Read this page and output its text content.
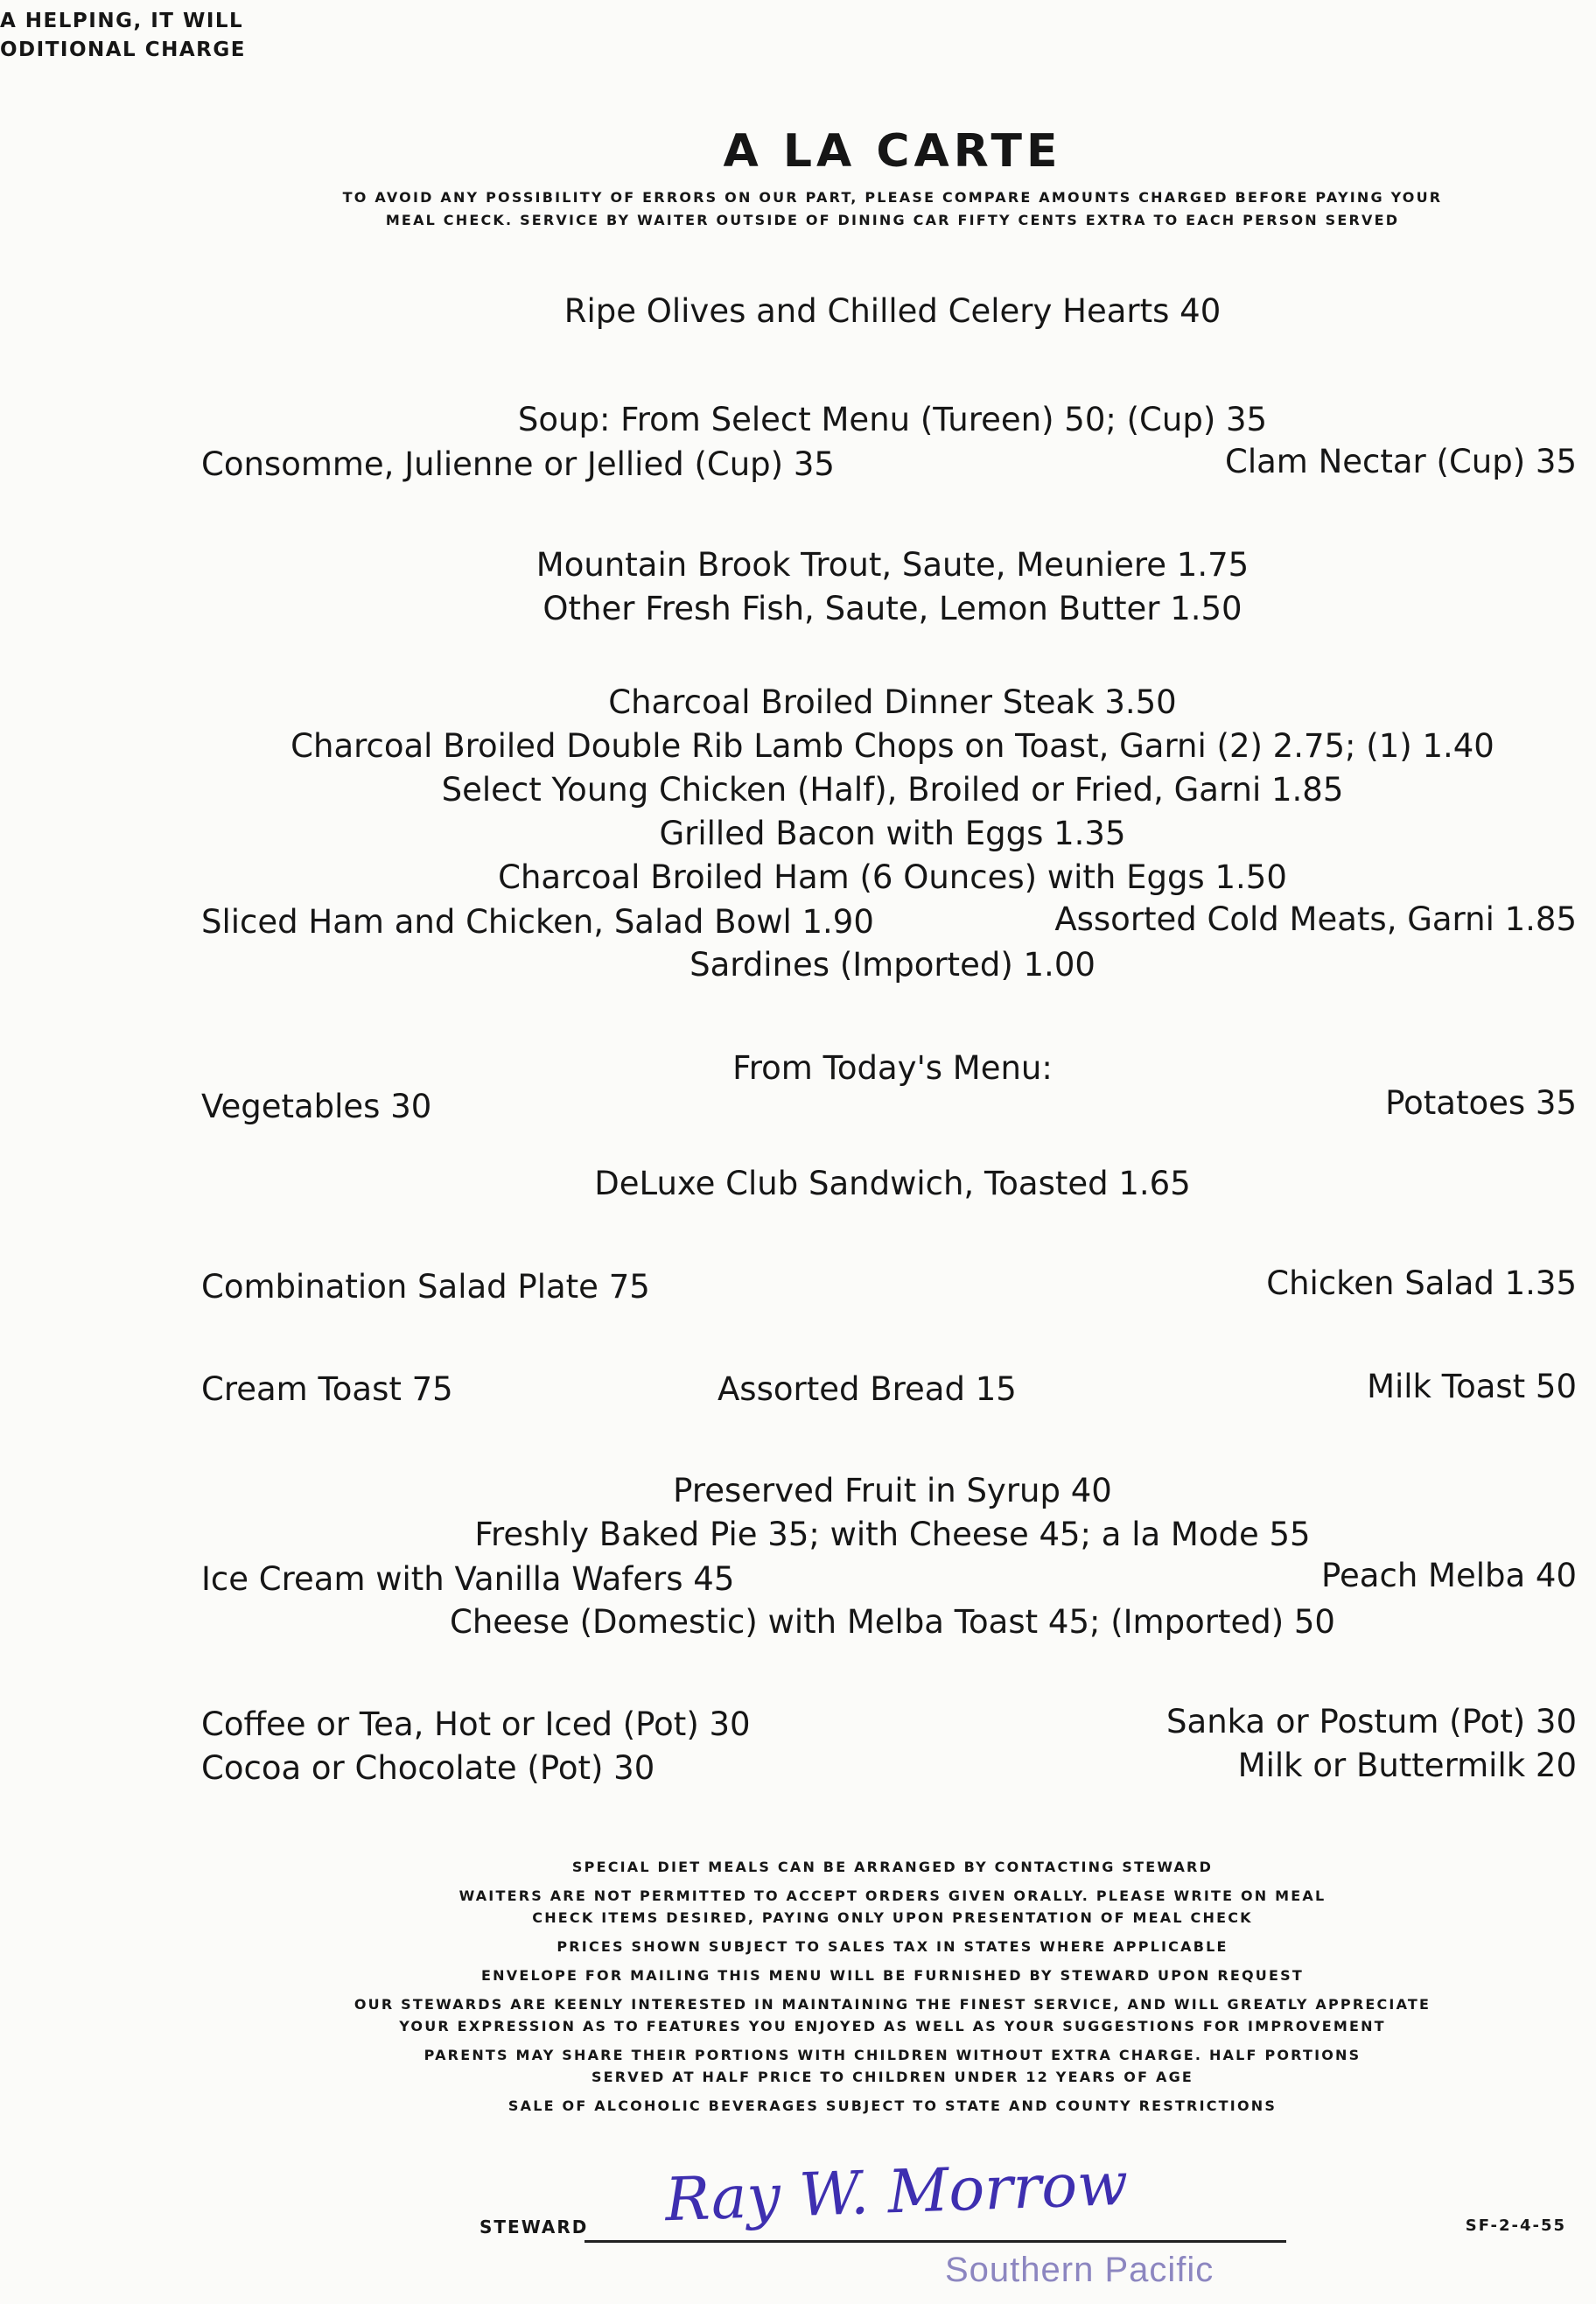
A HELPING, IT WILL
ODITIONAL CHARGE
A LA CARTE
TO AVOID ANY POSSIBILITY OF ERRORS ON OUR PART, PLEASE COMPARE AMOUNTS CHARGED BEFORE PAYING YOUR
MEAL CHECK. SERVICE BY WAITER OUTSIDE OF DINING CAR FIFTY CENTS EXTRA TO EACH PERSON SERVED
Ripe Olives and Chilled Celery Hearts 40
Soup: From Select Menu (Tureen) 50; (Cup) 35
Consomme, Julienne or Jellied (Cup) 35	Clam Nectar (Cup) 35
Mountain Brook Trout, Saute, Meuniere 1.75
Other Fresh Fish, Saute, Lemon Butter 1.50
Charcoal Broiled Dinner Steak 3.50
Charcoal Broiled Double Rib Lamb Chops on Toast, Garni (2) 2.75; (1) 1.40
Select Young Chicken (Half), Broiled or Fried, Garni 1.85
Grilled Bacon with Eggs 1.35
Charcoal Broiled Ham (6 Ounces) with Eggs 1.50
Sliced Ham and Chicken, Salad Bowl 1.90	Assorted Cold Meats, Garni 1.85
Sardines (Imported) 1.00
From Today's Menu:
Vegetables 30	Potatoes 35
DeLuxe Club Sandwich, Toasted 1.65
Combination Salad Plate 75	Chicken Salad 1.35
Cream Toast 75	Assorted Bread 15	Milk Toast 50
Preserved Fruit in Syrup 40
Freshly Baked Pie 35; with Cheese 45; a la Mode 55
Ice Cream with Vanilla Wafers 45	Peach Melba 40
Cheese (Domestic) with Melba Toast 45; (Imported) 50
Coffee or Tea, Hot or Iced (Pot) 30	Sanka or Postum (Pot) 30
Cocoa or Chocolate (Pot) 30	Milk or Buttermilk 20
SPECIAL DIET MEALS CAN BE ARRANGED BY CONTACTING STEWARD
WAITERS ARE NOT PERMITTED TO ACCEPT ORDERS GIVEN ORALLY. PLEASE WRITE ON MEAL
CHECK ITEMS DESIRED, PAYING ONLY UPON PRESENTATION OF MEAL CHECK
PRICES SHOWN SUBJECT TO SALES TAX IN STATES WHERE APPLICABLE
ENVELOPE FOR MAILING THIS MENU WILL BE FURNISHED BY STEWARD UPON REQUEST
OUR STEWARDS ARE KEENLY INTERESTED IN MAINTAINING THE FINEST SERVICE, AND WILL GREATLY APPRECIATE
YOUR EXPRESSION AS TO FEATURES YOU ENJOYED AS WELL AS YOUR SUGGESTIONS FOR IMPROVEMENT
PARENTS MAY SHARE THEIR PORTIONS WITH CHILDREN WITHOUT EXTRA CHARGE. HALF PORTIONS
SERVED AT HALF PRICE TO CHILDREN UNDER 12 YEARS OF AGE
SALE OF ALCOHOLIC BEVERAGES SUBJECT TO STATE AND COUNTY RESTRICTIONS
STEWARD Ray W. Morrow
Southern Pacific
SF-2-4-55
